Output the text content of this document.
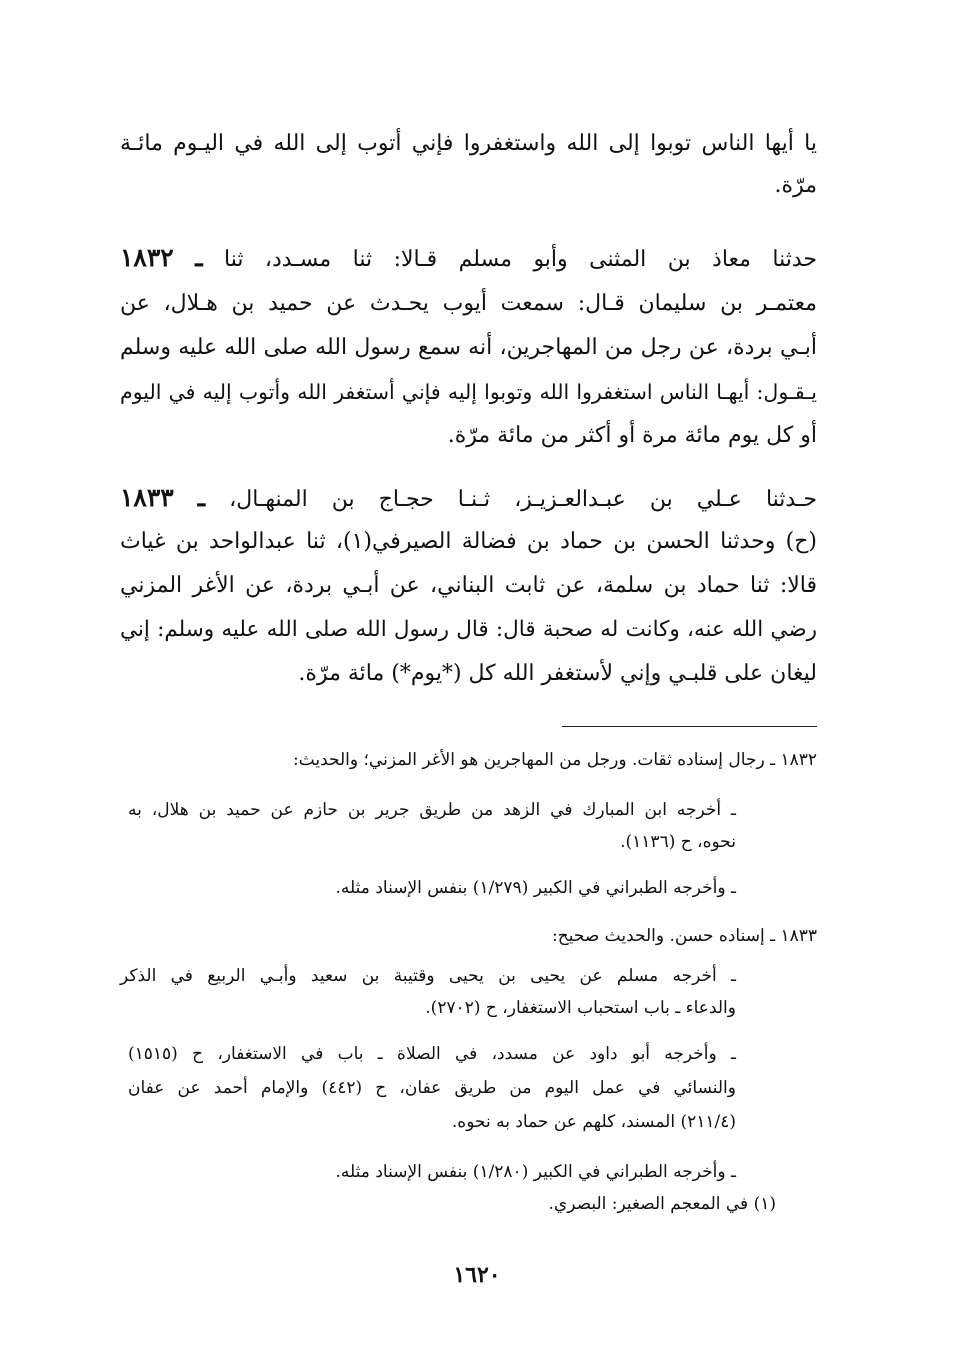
يا أيها الناس توبوا إلى الله واستغفروا فإني أتوب إلى الله في اليـوم مائـة
مرّة.
١٨٣٢ ـ حدثنا معاذ بن المثنى وأبو مسلم قـالا: ثنا مسـدد، ثنا
معتمـر بن سليمان قـال: سمعت أيوب يحـدث عن حميد بن هـلال، عن
أبـي بردة، عن رجل من المهاجرين، أنه سمع رسول الله صلى الله عليه وسلم
يـقـول: أيهـا الناس استغفروا الله وتوبوا إليه فإني أستغفر الله وأتوب إليه في اليوم
أو كل يوم مائة مرة أو أكثر من مائة مرّة.
١٨٣٣ ـ حـدثنا عـلي بن عبـدالعـزيـز، ثـنـا حجـاج بن المنهـال،
(ح) وحدثنا الحسن بن حماد بن فضالة الصيرفي(١)، ثنا عبدالواحد بن غياث
قالا: ثنا حماد بن سلمة، عن ثابت البناني، عن أبـي بردة، عن الأغر المزني
رضي الله عنه، وكانت له صحبة قال: قال رسول الله صلى الله عليه وسلم: إني
ليغان على قلبـي وإني لأستغفر الله كل (*يوم*) مائة مرّة.
١٨٣٢ ـ رجال إسناده ثقات. ورجل من المهاجرين هو الأغر المزني؛ والحديث:
ـ أخرجه ابن المبارك في الزهد من طريق جرير بن حازم عن حميد بن هلال، به
نحوه، ح (١١٣٦).
ـ وأخرجه الطبراني في الكبير (١/٢٧٩) بنفس الإسناد مثله.
١٨٣٣ ـ إسناده حسن. والحديث صحيح:
ـ أخرجه مسلم عن يحيى بن يحيى وقتيبة بن سعيد وأبـي الربيع في الذكر
والدعاء ـ باب استحباب الاستغفار، ح (٢٧٠٢).
ـ وأخرجه أبو داود عن مسدد، في الصلاة ـ باب في الاستغفار، ح (١٥١٥)
والنسائي في عمل اليوم من طريق عفان، ح (٤٤٢) والإمام أحمد عن عفان
(٢١١/٤) المسند، كلهم عن حماد به نحوه.
ـ وأخرجه الطبراني في الكبير (١/٢٨٠) بنفس الإسناد مثله.
(١) في المعجم الصغير: البصري.
١٦٢٠
